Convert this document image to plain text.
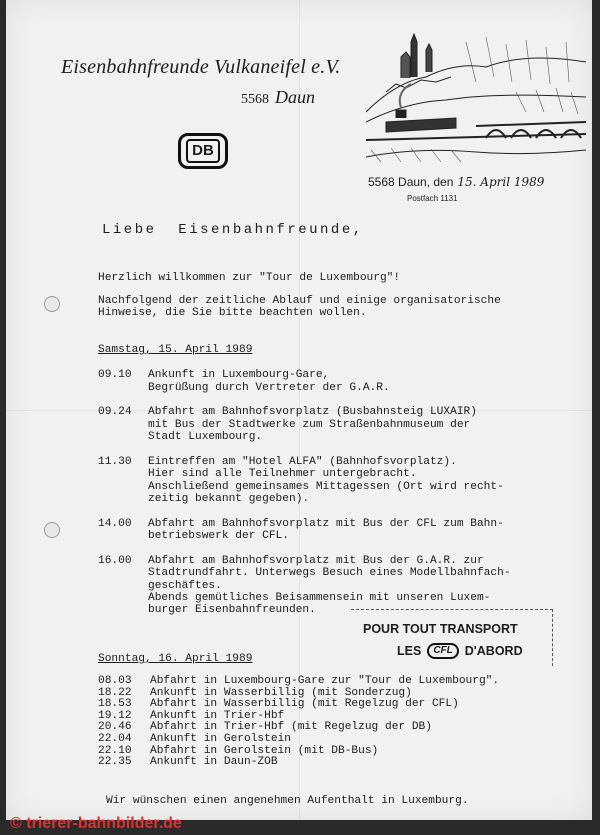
Eisenbahnfreunde Vulkaneifel e.V.
5568 Daun
DB
5568 Daun, den 15. April 1989
Postfach 1131
Liebe  Eisenbahnfreunde,
Herzlich willkommen zur "Tour de Luxembourg"!
Nachfolgend der zeitliche Ablauf und einige organisatorische
Hinweise, die Sie bitte beachten wollen.
Samstag, 15. April 1989
09.10	Ankunft in Luxembourg-Gare,
Begrüßung durch Vertreter der G.A.R.
09.24	Abfahrt am Bahnhofsvorplatz (Busbahnsteig LUXAIR)
mit Bus der Stadtwerke zum Straßenbahnmuseum der
Stadt Luxembourg.
11.30	Eintreffen am "Hotel ALFA" (Bahnhofsvorplatz).
Hier sind alle Teilnehmer untergebracht.
Anschließend gemeinsames Mittagessen (Ort wird recht-
zeitig bekannt gegeben).
14.00	Abfahrt am Bahnhofsvorplatz mit Bus der CFL zum Bahn-
betriebswerk der CFL.
16.00	Abfahrt am Bahnhofsvorplatz mit Bus der G.A.R. zur
Stadtrundfahrt. Unterwegs Besuch eines Modellbahnfach-
geschäftes.
Abends gemütliches Beisammensein mit unseren Luxem-
burger Eisenbahnfreunden.
POUR TOUT TRANSPORT
LES	CFL D'ABORD
Sonntag, 16. April 1989
08.03	Abfahrt in Luxembourg-Gare zur "Tour de Luxembourg".
18.22	Ankunft in Wasserbillig (mit Sonderzug)
18.53	Abfahrt in Wasserbillig (mit Regelzug der CFL)
19.12	Ankunft in Trier-Hbf
20.46	Abfahrt in Trier-Hbf (mit Regelzug der DB)
22.04	Ankunft in Gerolstein
22.10	Abfahrt in Gerolstein (mit DB-Bus)
22.35	Ankunft in Daun-ZOB
Wir wünschen einen angenehmen Aufenthalt in Luxemburg.
© trierer-bahnbilder.de
